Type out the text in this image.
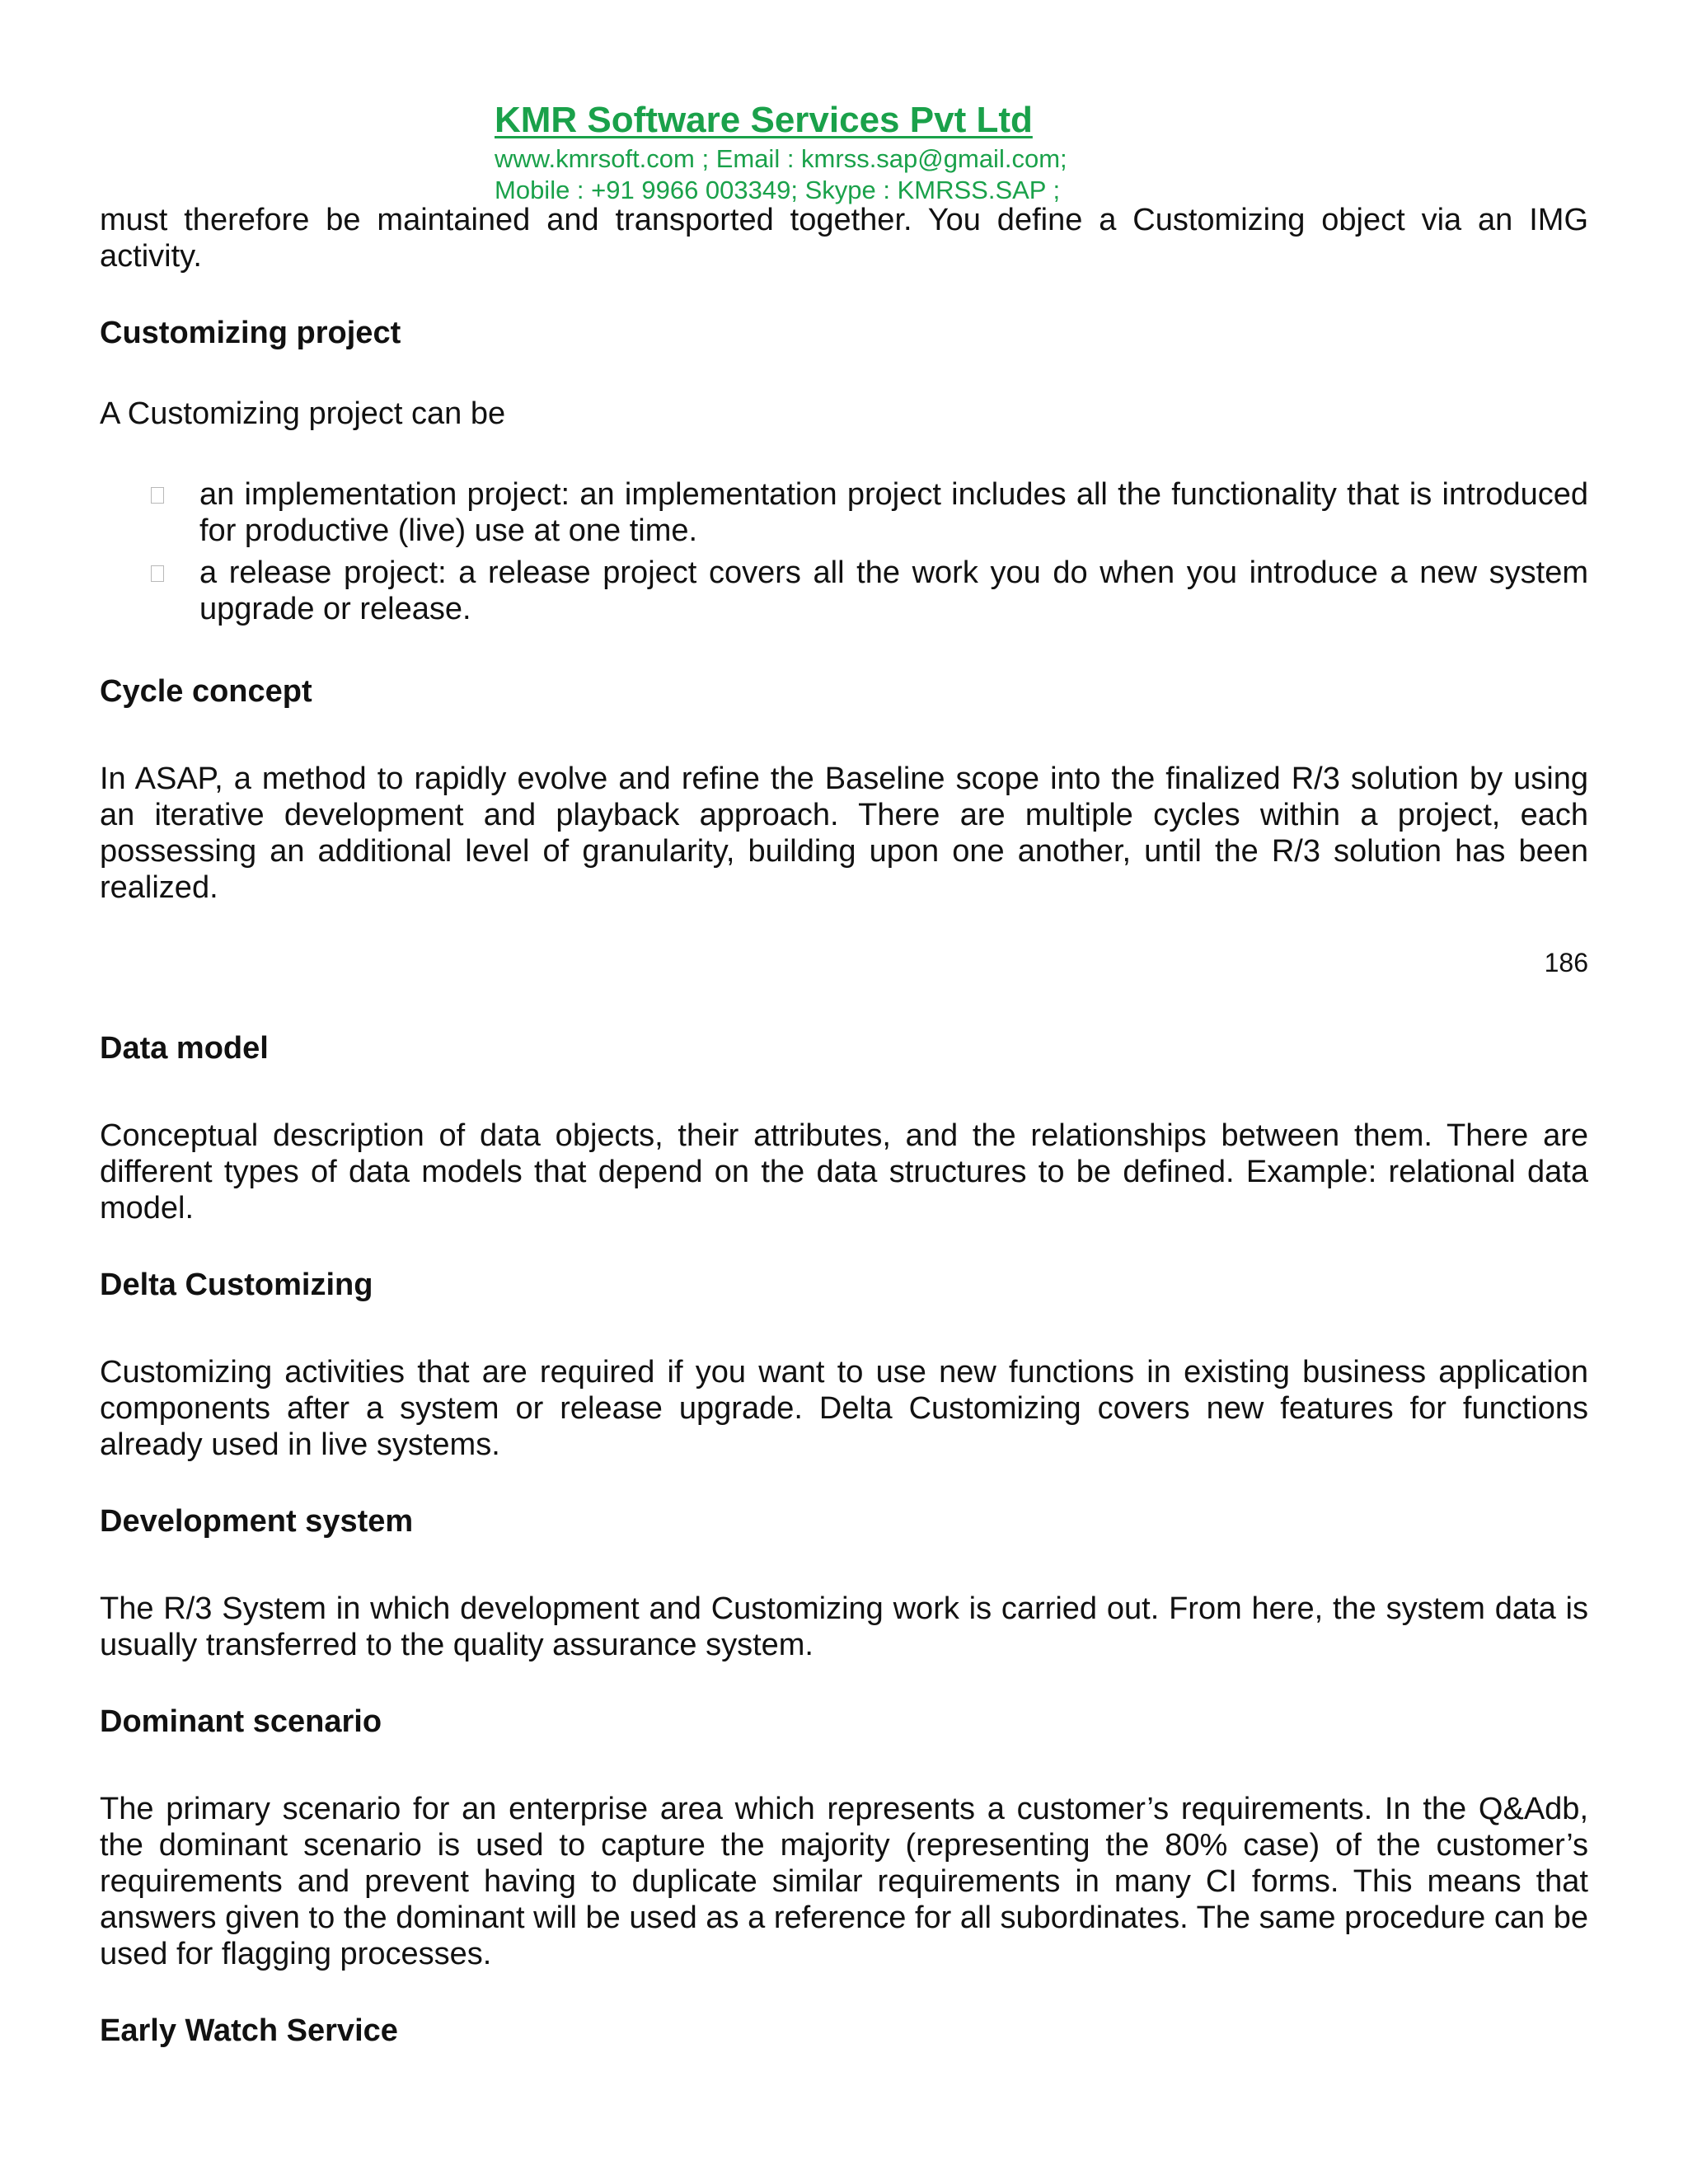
KMR Software Services Pvt Ltd
www.kmrsoft.com ; Email : kmrss.sap@gmail.com;
Mobile : +91 9966 003349; Skype : KMRSS.SAP ;

must therefore be maintained and transported together. You define a Customizing object via an IMG activity.

Customizing project

A Customizing project can be

an implementation project: an implementation project includes all the functionality that is introduced for productive (live) use at one time.
a release project: a release project covers all the work you do when you introduce a new system upgrade or release.

Cycle concept

In ASAP, a method to rapidly evolve and refine the Baseline scope into the finalized R/3 solution by using an iterative development and playback approach. There are multiple cycles within a project, each possessing an additional level of granularity, building upon one another, until the R/3 solution has been realized.

186

Data model

Conceptual description of data objects, their attributes, and the relationships between them. There are different types of data models that depend on the data structures to be defined. Example: relational data model.

Delta Customizing

Customizing activities that are required if you want to use new functions in existing business application components after a system or release upgrade. Delta Customizing covers new features for functions already used in live systems.

Development system

The R/3 System in which development and Customizing work is carried out. From here, the system data is usually transferred to the quality assurance system.

Dominant scenario

The primary scenario for an enterprise area which represents a customer’s requirements. In the Q&Adb, the dominant scenario is used to capture the majority (representing the 80% case) of the customer’s requirements and prevent having to duplicate similar requirements in many CI forms. This means that answers given to the dominant will be used as a reference for all subordinates. The same procedure can be used for flagging processes.

Early Watch Service
